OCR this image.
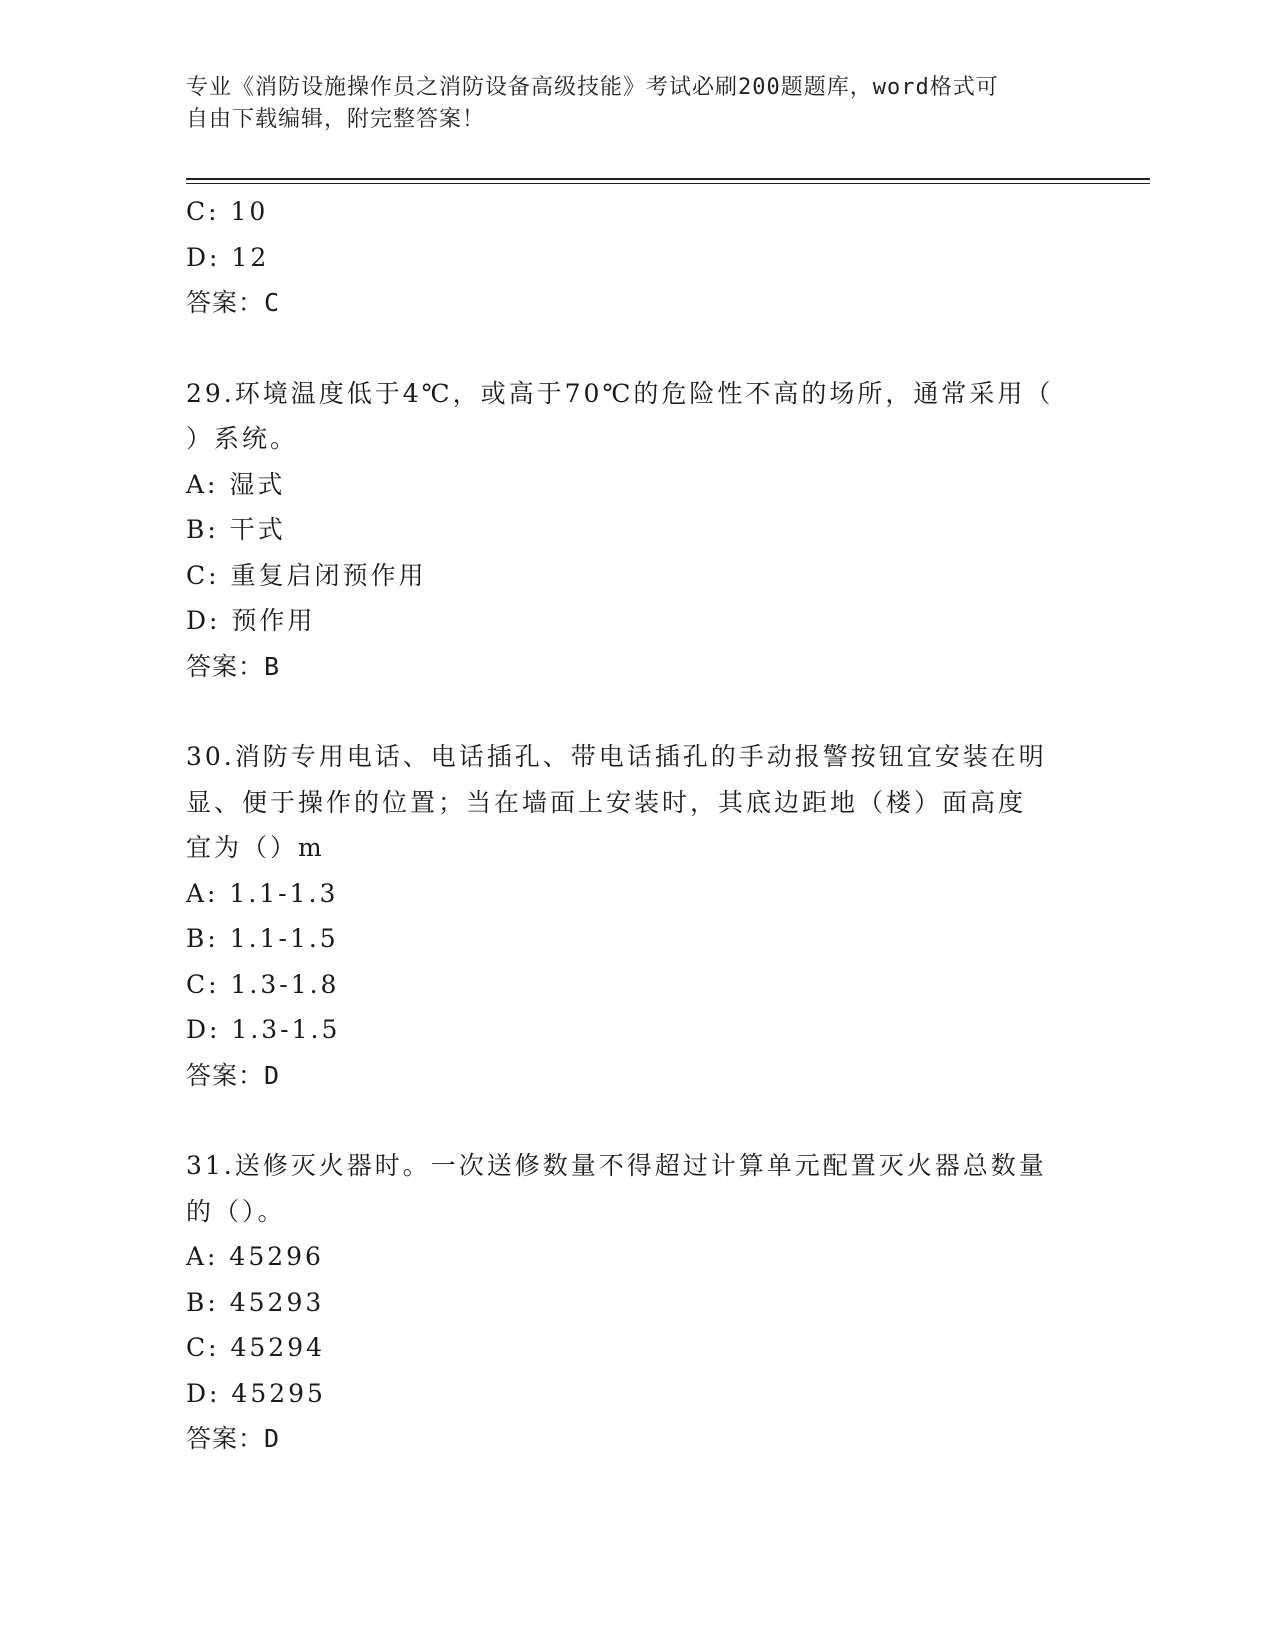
专业《消防设施操作员之消防设备高级技能》考试必刷200题题库，word格式可
自由下载编辑，附完整答案！
C: 10
D: 12
答案：C
29.环境温度低于4℃，或高于70℃的危险性不高的场所，通常采用（
）系统。
A: 湿式
B: 干式
C: 重复启闭预作用
D: 预作用
答案：B
30.消防专用电话、电话插孔、带电话插孔的手动报警按钮宜安装在明
显、便于操作的位置；当在墙面上安装时，其底边距地（楼）面高度
宜为（）m
A: 1.1-1.3
B: 1.1-1.5
C: 1.3-1.8
D: 1.3-1.5
答案：D
31.送修灭火器时。一次送修数量不得超过计算单元配置灭火器总数量
的（）。
A: 45296
B: 45293
C: 45294
D: 45295
答案：D
